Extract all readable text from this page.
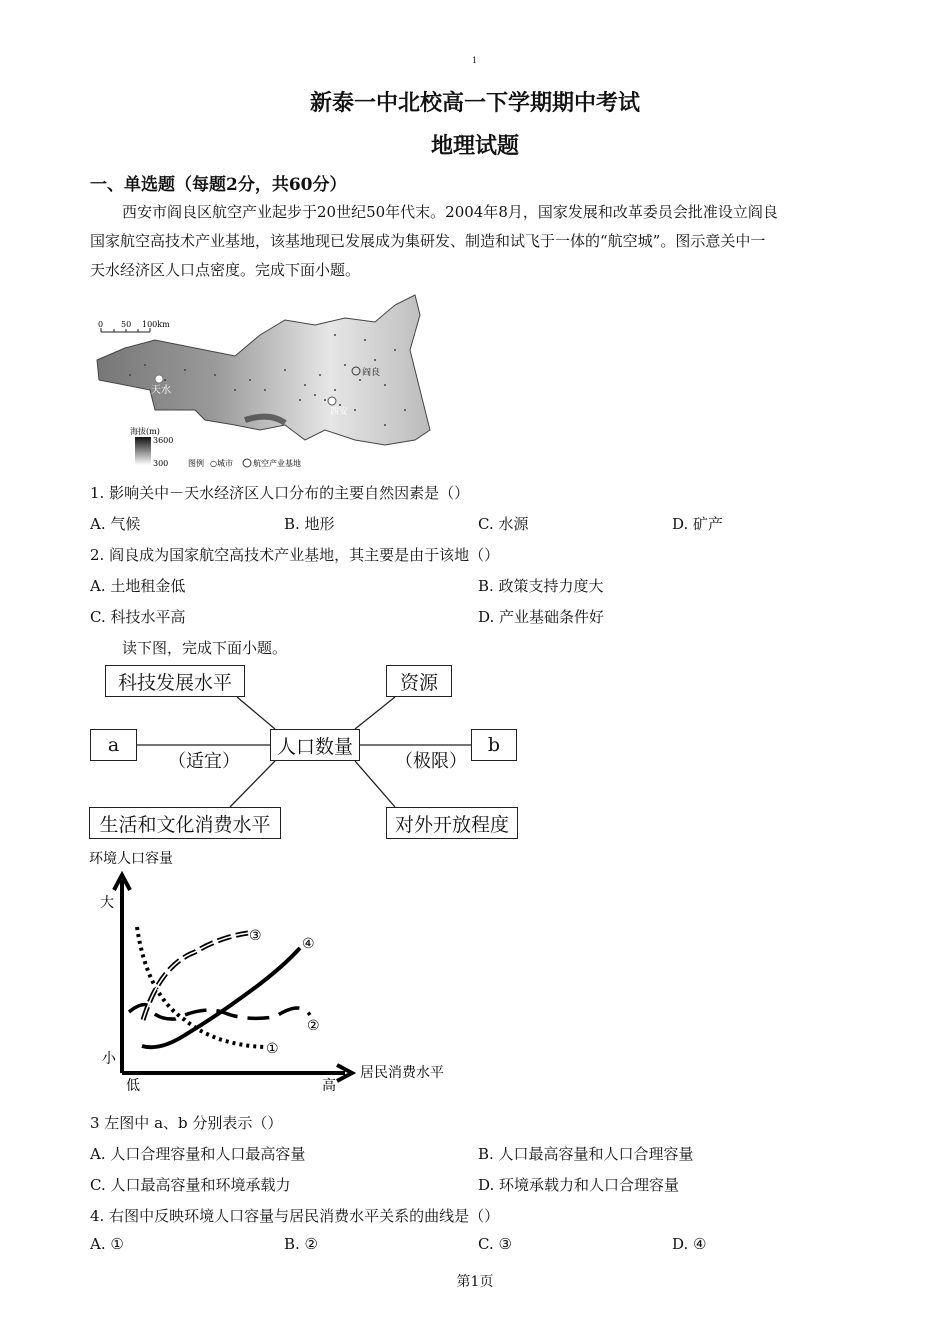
1
新泰一中北校高一下学期期中考试
地理试题
一、单选题（每题2分，共60分）
西安市阎良区航空产业起步于20世纪50年代末。2004年8月，国家发展和改革委员会批准设立阎良
国家航空高技术产业基地，该基地现已发展成为集研发、制造和试飞于一体的“航空城”。图示意关中一
天水经济区人口点密度。完成下面小题。
天水
西安
阎良
0 50 100km
海拔(m)
3600
300 图例 ○城市	航空产业基地
1. 影响关中－天水经济区人口分布的主要自然因素是（）
A. 气候	B. 地形	C. 水源	D. 矿产
2. 阎良成为国家航空高技术产业基地，其主要是由于该地（）
A. 土地租金低	B. 政策支持力度大
C. 科技水平高	D. 产业基础条件好
读下图，完成下面小题。
科技发展水平	资源
a	人口数量	b
生活和文化消费水平	对外开放程度
（适宜）	（极限）
环境人口容量
大
小
低	高
居民消费水平
①
②
③	④
3 左图中 a、b 分别表示（）
A. 人口合理容量和人口最高容量	B. 人口最高容量和人口合理容量
C. 人口最高容量和环境承载力	D. 环境承载力和人口合理容量
4. 右图中反映环境人口容量与居民消费水平关系的曲线是（）
A. ①	B. ②	C. ③	D. ④
第1页
